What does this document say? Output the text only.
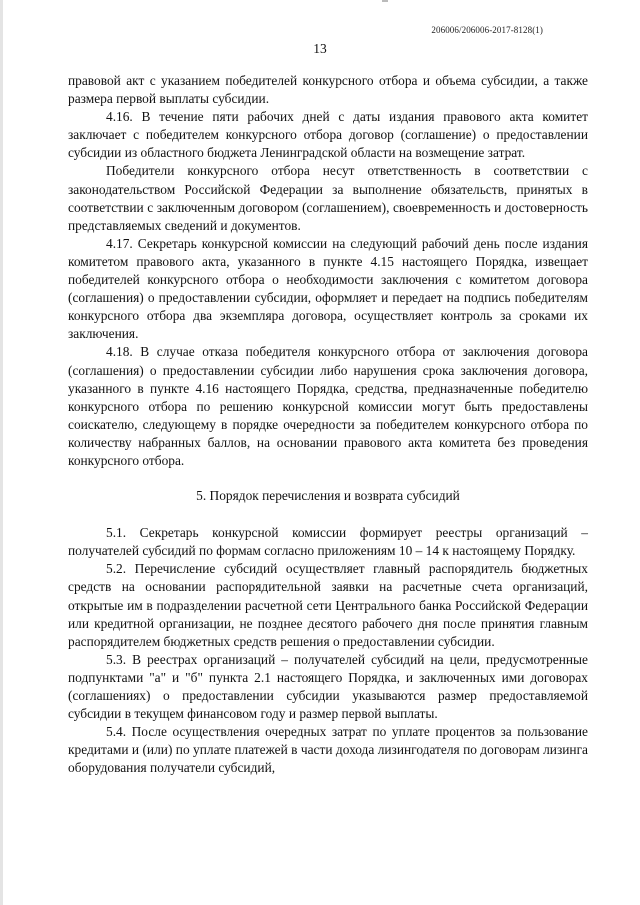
206006/206006-2017-8128(1)
13

правовой акт с указанием победителей конкурсного отбора и объема субсидии, а также размера первой выплаты субсидии.

4.16. В течение пяти рабочих дней с даты издания правового акта комитет заключает с победителем конкурсного отбора договор (соглашение) о предоставлении субсидии из областного бюджета Ленинградской области на возмещение затрат.

Победители конкурсного отбора несут ответственность в соответствии с законодательством Российской Федерации за выполнение обязательств, принятых в соответствии с заключенным договором (соглашением), своевременность и достоверность представляемых сведений и документов.

4.17. Секретарь конкурсной комиссии на следующий рабочий день после издания комитетом правового акта, указанного в пункте 4.15 настоящего Порядка, извещает победителей конкурсного отбора о необходимости заключения с комитетом договора (соглашения) о предоставлении субсидии, оформляет и передает на подпись победителям конкурсного отбора два экземпляра договора, осуществляет контроль за сроками их заключения.

4.18. В случае отказа победителя конкурсного отбора от заключения договора (соглашения) о предоставлении субсидии либо нарушения срока заключения договора, указанного в пункте 4.16 настоящего Порядка, средства, предназначенные победителю конкурсного отбора по решению конкурсной комиссии могут быть предоставлены соискателю, следующему в порядке очередности за победителем конкурсного отбора по количеству набранных баллов, на основании правового акта комитета без проведения конкурсного отбора.

5. Порядок перечисления и возврата субсидий

5.1. Секретарь конкурсной комиссии формирует реестры организаций – получателей субсидий по формам согласно приложениям 10 – 14 к настоящему Порядку.

5.2. Перечисление субсидий осуществляет главный распорядитель бюджетных средств на основании распорядительной заявки на расчетные счета организаций, открытые им в подразделении расчетной сети Центрального банка Российской Федерации или кредитной организации, не позднее десятого рабочего дня после принятия главным распорядителем бюджетных средств решения о предоставлении субсидии.

5.3. В реестрах организаций – получателей субсидий на цели, предусмотренные подпунктами "а" и "б" пункта 2.1 настоящего Порядка, и заключенных ими договорах (соглашениях) о предоставлении субсидии указываются размер предоставляемой субсидии в текущем финансовом году и размер первой выплаты.

5.4. После осуществления очередных затрат по уплате процентов за пользование кредитами и (или) по уплате платежей в части дохода лизингодателя по договорам лизинга оборудования получатели субсидий,
